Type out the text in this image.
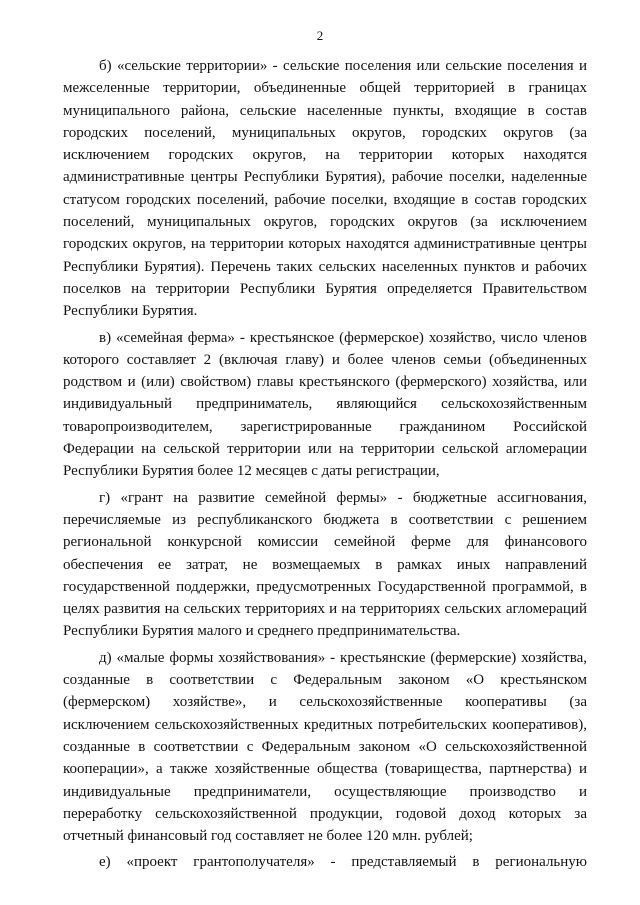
2
б) «сельские территории» - сельские поселения или сельские поселения и
межселенные территории, объединенные общей территорией в границах
муниципального района, сельские населенные пункты, входящие в состав
городских поселений, муниципальных округов, городских округов (за
исключением городских округов, на территории которых находятся
административные центры Республики Бурятия), рабочие поселки, наделенные
статусом городских поселений, рабочие поселки, входящие в состав городских
поселений, муниципальных округов, городских округов (за исключением
городских округов, на территории которых находятся административные центры
Республики Бурятия). Перечень таких сельских населенных пунктов и рабочих
поселков на территории Республики Бурятия определяется Правительством
Республики Бурятия.
в) «семейная ферма» - крестьянское (фермерское) хозяйство, число членов
которого составляет 2 (включая главу) и более членов семьи (объединенных
родством и (или) свойством) главы крестьянского (фермерского) хозяйства, или
индивидуальный предприниматель, являющийся сельскохозяйственным
товаропроизводителем, зарегистрированные гражданином Российской
Федерации на сельской территории или на территории сельской агломерации
Республики Бурятия более 12 месяцев с даты регистрации,
г) «грант на развитие семейной фермы» - бюджетные ассигнования,
перечисляемые из республиканского бюджета в соответствии с решением
региональной конкурсной комиссии семейной ферме для финансового
обеспечения ее затрат, не возмещаемых в рамках иных направлений
государственной поддержки, предусмотренных Государственной программой, в
целях развития на сельских территориях и на территориях сельских агломераций
Республики Бурятия малого и среднего предпринимательства.
д) «малые формы хозяйствования» - крестьянские (фермерские) хозяйства,
созданные в соответствии с Федеральным законом «О крестьянском
(фермерском) хозяйстве», и сельскохозяйственные кооперативы (за
исключением сельскохозяйственных кредитных потребительских кооперативов),
созданные в соответствии с Федеральным законом «О сельскохозяйственной
кооперации», а также хозяйственные общества (товарищества, партнерства) и
индивидуальные предприниматели, осуществляющие производство и
переработку сельскохозяйственной продукции, годовой доход которых за
отчетный финансовый год составляет не более 120 млн. рублей;
е) «проект грантополучателя» - представляемый в региональную
